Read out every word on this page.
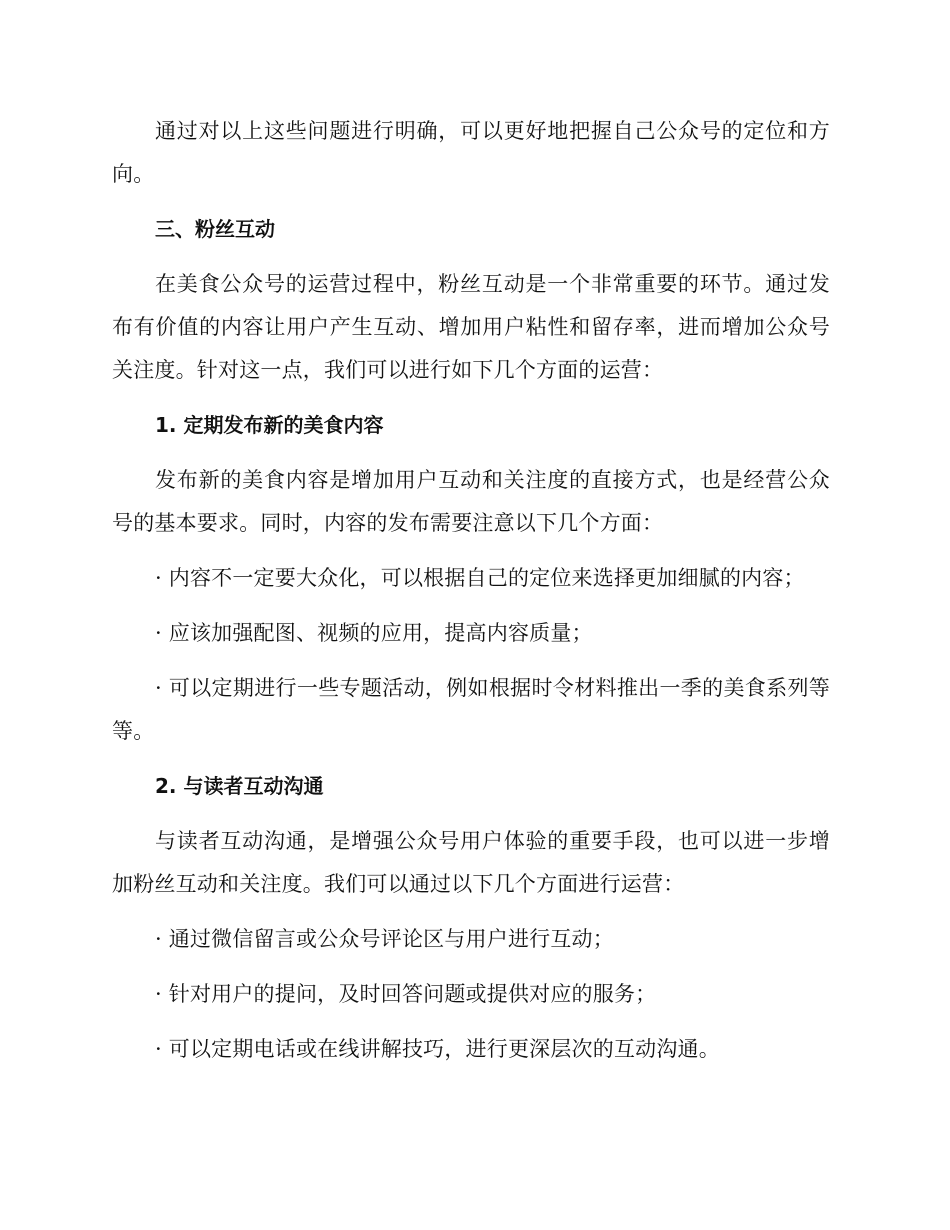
通过对以上这些问题进行明确，可以更好地把握自己公众号的定位和方向。

三、粉丝互动

在美食公众号的运营过程中，粉丝互动是一个非常重要的环节。通过发布有价值的内容让用户产生互动、增加用户粘性和留存率，进而增加公众号关注度。针对这一点，我们可以进行如下几个方面的运营：

1. 定期发布新的美食内容

发布新的美食内容是增加用户互动和关注度的直接方式，也是经营公众号的基本要求。同时，内容的发布需要注意以下几个方面：

· 内容不一定要大众化，可以根据自己的定位来选择更加细腻的内容；

· 应该加强配图、视频的应用，提高内容质量；

· 可以定期进行一些专题活动，例如根据时令材料推出一季的美食系列等等。

2. 与读者互动沟通

与读者互动沟通，是增强公众号用户体验的重要手段，也可以进一步增加粉丝互动和关注度。我们可以通过以下几个方面进行运营：

· 通过微信留言或公众号评论区与用户进行互动；

· 针对用户的提问，及时回答问题或提供对应的服务；

· 可以定期电话或在线讲解技巧，进行更深层次的互动沟通。
